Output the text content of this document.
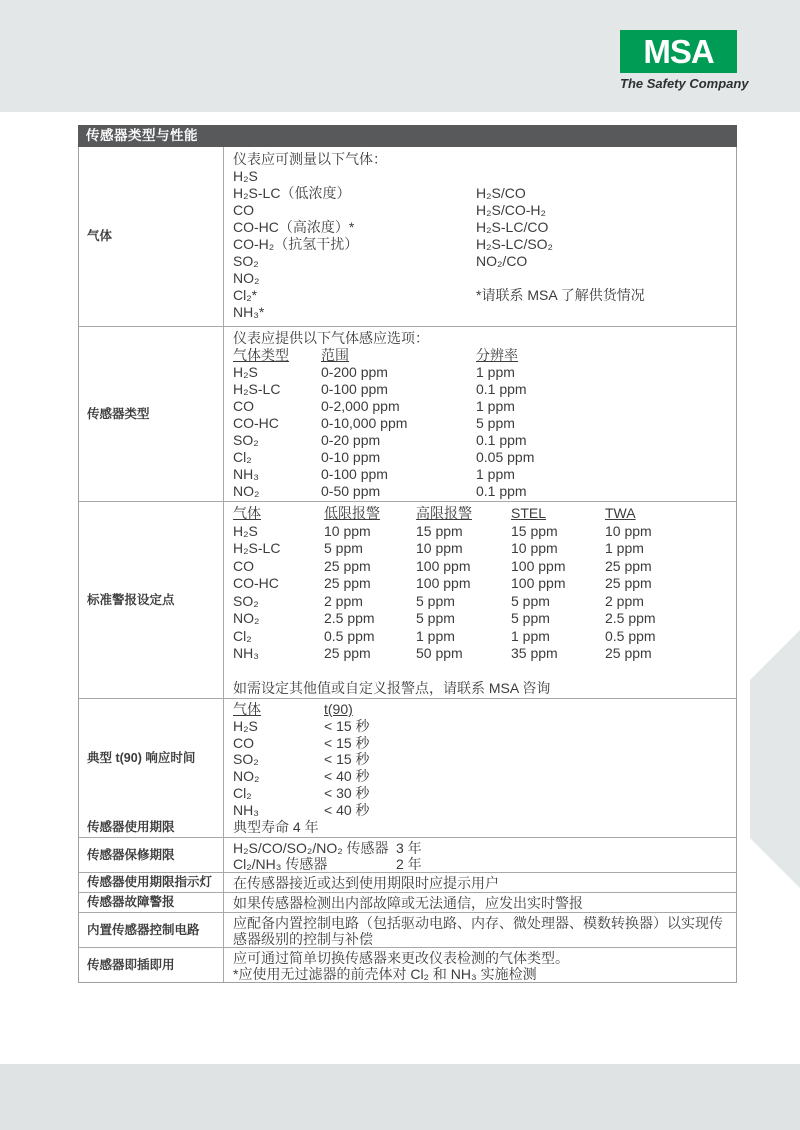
MSA
The Safety Company
传感器类型与性能
气体
仪表应可测量以下气体：
H₂S
H₂S-LC（低浓度）	H₂S/CO
CO	H₂S/CO-H₂
CO-HC（高浓度）*	H₂S-LC/CO
CO-H₂（抗氢干扰）	H₂S-LC/SO₂
SO₂	NO₂/CO
NO₂
Cl₂*	*请联系 MSA 了解供货情况
NH₃*
传感器类型
仪表应提供以下气体感应选项：
气体类型 范围	分辨率
H₂S	0-200 ppm	1 ppm
H₂S-LC	0-100 ppm	0.1 ppm
CO	0-2,000 ppm	1 ppm
CO-HC	0-10,000 ppm	5 ppm
SO₂	0-20 ppm	0.1 ppm
Cl₂	0-10 ppm	0.05 ppm
NH₃	0-100 ppm	1 ppm
NO₂	0-50 ppm	0.1 ppm
标准警报设定点
气体	低限报警	高限报警	STEL	TWA
H₂S	10 ppm	15 ppm	15 ppm	10 ppm
H₂S-LC	5 ppm	10 ppm	10 ppm	1 ppm
CO	25 ppm	100 ppm	100 ppm	25 ppm
CO-HC	25 ppm	100 ppm	100 ppm	25 ppm
SO₂	2 ppm	5 ppm	5 ppm	2 ppm
NO₂	2.5 ppm	5 ppm	5 ppm	2.5 ppm
Cl₂	0.5 ppm	1 ppm	1 ppm	0.5 ppm
NH₃	25 ppm	50 ppm	35 ppm	25 ppm

如需设定其他值或自定义报警点，请联系 MSA 咨询
典型 t(90) 响应时间
气体	t(90)
H₂S	< 15 秒
CO	< 15 秒
SO₂	< 15 秒
NO₂	< 40 秒
Cl₂	< 30 秒
NH₃	< 40 秒
传感器使用期限	典型寿命 4 年
传感器保修期限	H₂S/CO/SO₂/NO₂ 传感器 3 年
Cl₂/NH₃ 传感器	2 年
传感器使用期限指示灯	在传感器接近或达到使用期限时应提示用户
传感器故障警报	如果传感器检测出内部故障或无法通信，应发出实时警报
内置传感器控制电路	应配备内置控制电路（包括驱动电路、内存、微处理器、模数转换器）以实现传感器级别的控制与补偿
传感器即插即用	应可通过简单切换传感器来更改仪表检测的气体类型。
*应使用无过滤器的前壳体对 Cl₂ 和 NH₃ 实施检测
